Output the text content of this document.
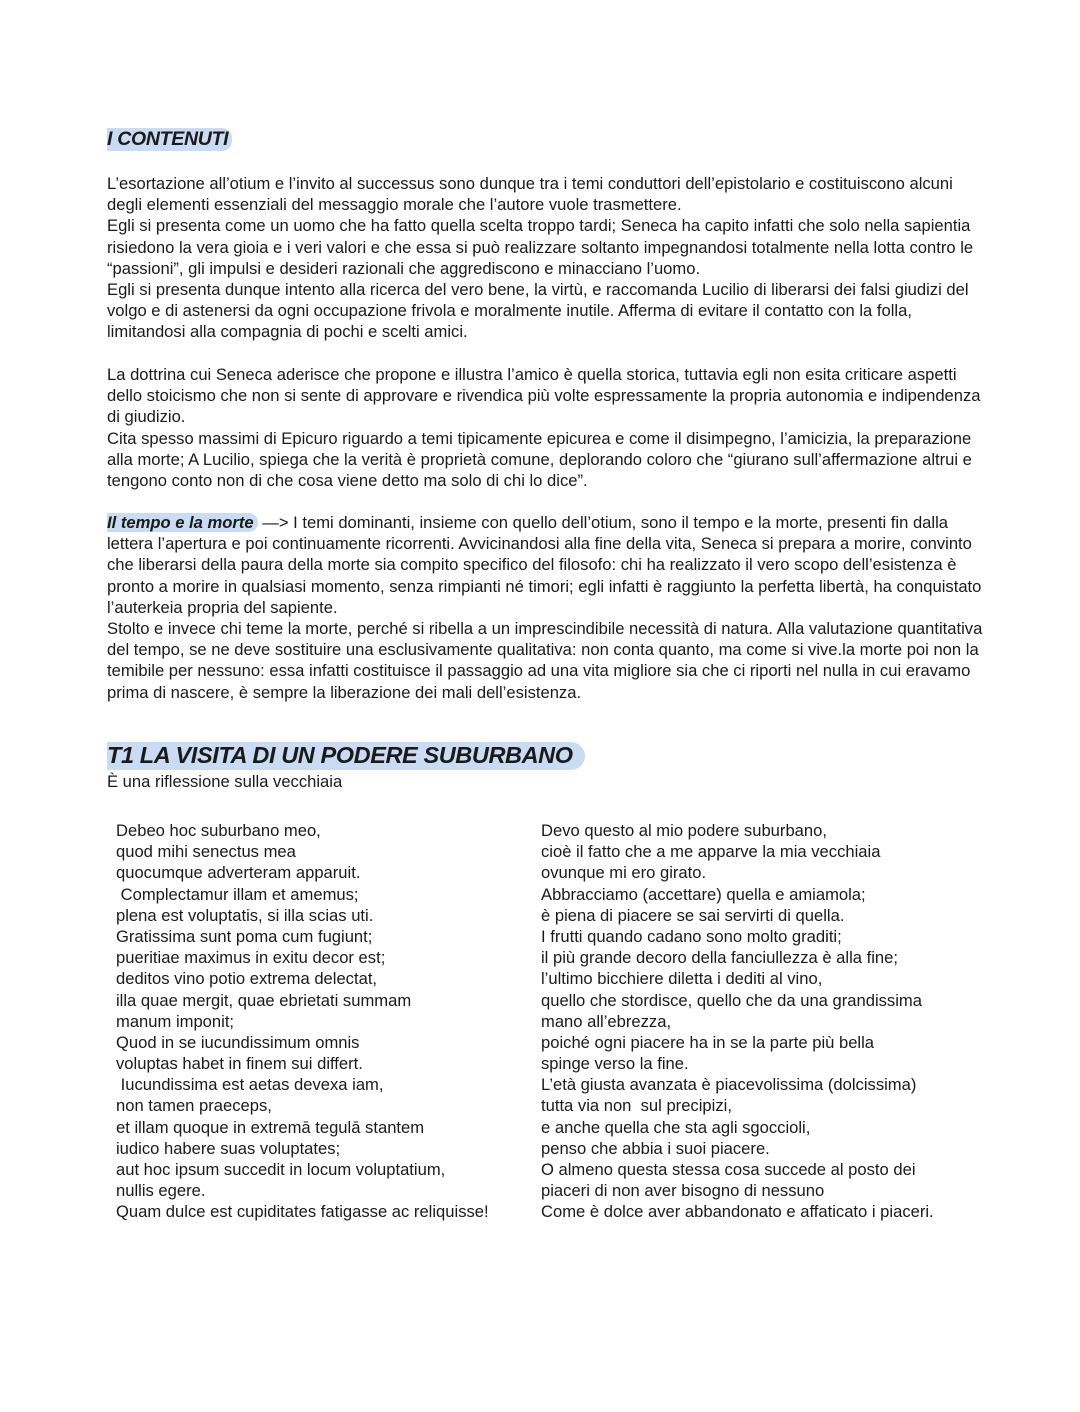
I CONTENUTI

L’esortazione all’otium e l’invito al successus sono dunque tra i temi conduttori dell’epistolario e costituiscono alcuni degli elementi essenziali del messaggio morale che l’autore vuole trasmettere.

Egli si presenta come un uomo che ha fatto quella scelta troppo tardi; Seneca ha capito infatti che solo nella sapientia risiedono la vera gioia e i veri valori e che essa si può realizzare soltanto impegnandosi totalmente nella lotta contro le “passioni”, gli impulsi e desideri razionali che aggrediscono e minacciano l’uomo.

Egli si presenta dunque intento alla ricerca del vero bene, la virtù, e raccomanda Lucilio di liberarsi dei falsi giudizi del volgo e di astenersi da ogni occupazione frivola e moralmente inutile. Afferma di evitare il contatto con la folla, limitandosi alla compagnia di pochi e scelti amici.

La dottrina cui Seneca aderisce che propone e illustra l’amico è quella storica, tuttavia egli non esita criticare aspetti dello stoicismo che non si sente di approvare e rivendica più volte espressamente la propria autonomia e indipendenza di giudizio.

Cita spesso massimi di Epicuro riguardo a temi tipicamente epicurea e come il disimpegno, l’amicizia, la preparazione alla morte; A Lucilio, spiega che la verità è proprietà comune, deplorando coloro che “giurano sull’affermazione altrui e tengono conto non di che cosa viene detto ma solo di chi lo dice”.

Il tempo e la morte —> I temi dominanti, insieme con quello dell’otium, sono il tempo e la morte, presenti fin dalla lettera l’apertura e poi continuamente ricorrenti. Avvicinandosi alla fine della vita, Seneca si prepara a morire, convinto che liberarsi della paura della morte sia compito specifico del filosofo: chi ha realizzato il vero scopo dell’esistenza è pronto a morire in qualsiasi momento, senza rimpianti né timori; egli infatti è raggiunto la perfetta libertà, ha conquistato l’auterkeia propria del sapiente.

Stolto e invece chi teme la morte, perché si ribella a un imprescindibile necessità di natura. Alla valutazione quantitativa del tempo, se ne deve sostituire una esclusivamente qualitativa: non conta quanto, ma come si vive.la morte poi non la temibile per nessuno: essa infatti costituisce il passaggio ad una vita migliore sia che ci riporti nel nulla in cui eravamo prima di nascere, è sempre la liberazione dei mali dell’esistenza.

T1 LA VISITA DI UN PODERE SUBURBANO
È una riflessione sulla vecchiaia
Debeo hoc suburbano meo,
quod mihi senectus mea
quocumque adverteram apparuit.
Complectamur illam et amemus;
plena est voluptatis, si illa scias uti.
Gratissima sunt poma cum fugiunt;
pueritiae maximus in exitu decor est;
deditos vino potio extrema delectat,
illa quae mergit, quae ebrietati summam
manum imponit;
Quod in se iucundissimum omnis
voluptas habet in finem sui differt.
Iucundissima est aetas devexa iam,
non tamen praeceps,
et illam quoque in extremā tegulā stantem
iudico habere suas voluptates;
aut hoc ipsum succedit in locum voluptatium,
nullis egere.
Quam dulce est cupiditates fatigasse ac reliquisse!
Devo questo al mio podere suburbano,
cioè il fatto che a me apparve la mia vecchiaia
ovunque mi ero girato.
Abbracciamo (accettare) quella e amiamola;
è piena di piacere se sai servirti di quella.
I frutti quando cadano sono molto graditi;
il più grande decoro della fanciullezza è alla fine;
l’ultimo bicchiere diletta i dediti al vino,
quello che stordisce, quello che da una grandissima
mano all’ebrezza,
poiché ogni piacere ha in se la parte più bella
spinge verso la fine.
L’età giusta avanzata è piacevolissima (dolcissima)
tutta via non  sul precipizi,
e anche quella che sta agli sgoccioli,
penso che abbia i suoi piacere.
O almeno questa stessa cosa succede al posto dei
piaceri di non aver bisogno di nessuno
Come è dolce aver abbandonato e affaticato i piaceri.
